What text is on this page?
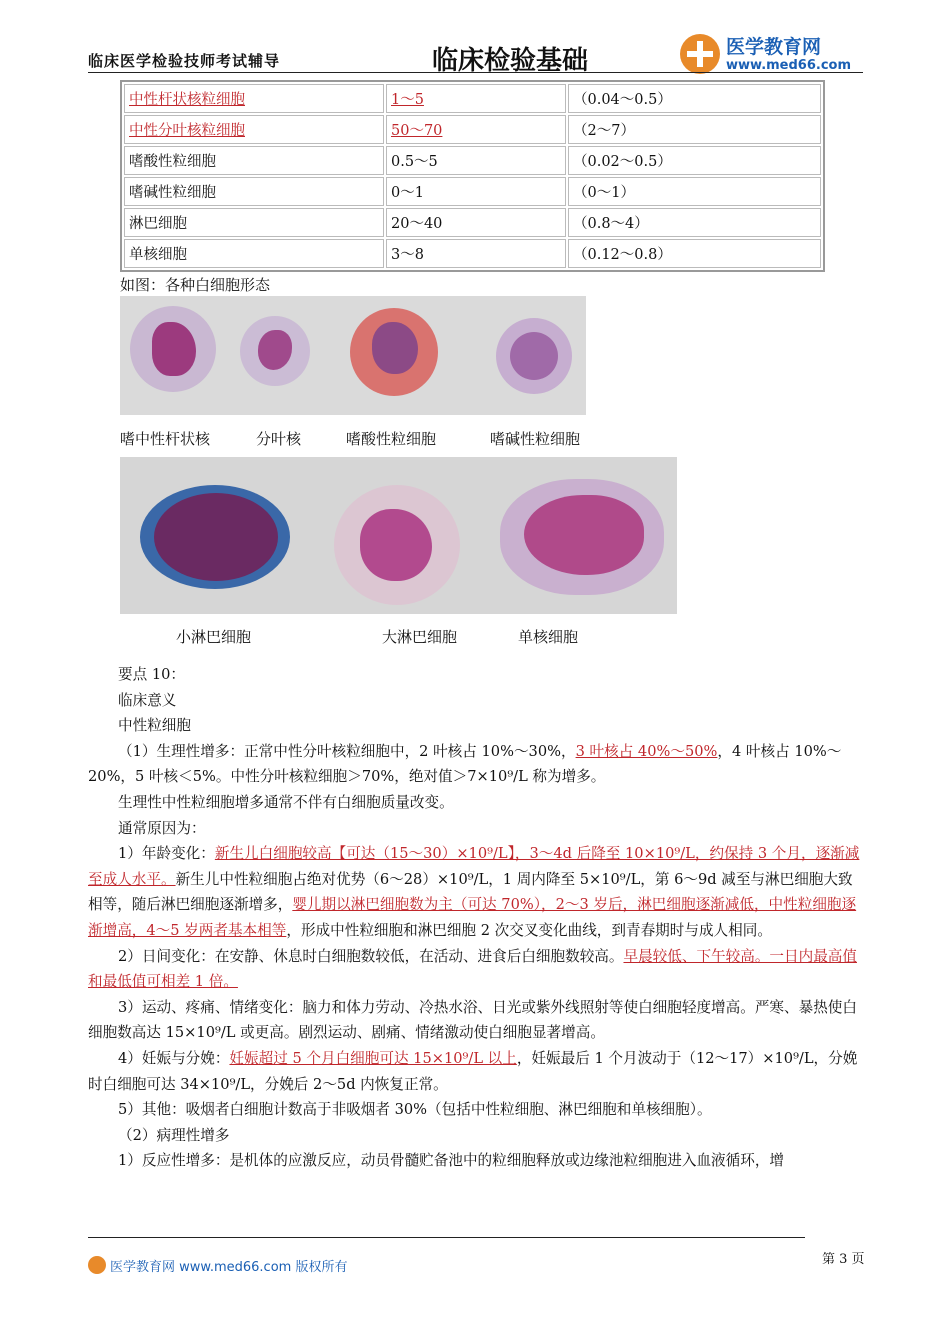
临床医学检验技师考试辅导	临床检验基础	医学教育网
www.med66.com
中性杆状核粒细胞	1～5	（0.04～0.5）
中性分叶核粒细胞	50～70	（2～7）
嗜酸性粒细胞	0.5～5	（0.02～0.5）
嗜碱性粒细胞	0～1	（0～1）
淋巴细胞	20～40	（0.8～4）
单核细胞	3～8	（0.12～0.8）
如图：各种白细胞形态
嗜中性杆状核	分叶核	嗜酸性粒细胞	嗜碱性粒细胞
小淋巴细胞	大淋巴细胞	单核细胞

要点 10：

临床意义

中性粒细胞

（1）生理性增多：正常中性分叶核粒细胞中，2 叶核占 10%～30%，3 叶核占 40%～50%，4 叶核占 10%～20%，5 叶核＜5%。中性分叶核粒细胞＞70%，绝对值＞7×10⁹/L 称为增多。

生理性中性粒细胞增多通常不伴有白细胞质量改变。

通常原因为：

1）年龄变化：新生儿白细胞较高【可达（15～30）×10⁹/L】，3～4d 后降至 10×10⁹/L，约保持 3 个月，逐渐减至成人水平。新生儿中性粒细胞占绝对优势（6～28）×10⁹/L，1 周内降至 5×10⁹/L，第 6～9d 减至与淋巴细胞大致相等，随后淋巴细胞逐渐增多，婴儿期以淋巴细胞数为主（可达 70%），2～3 岁后，淋巴细胞逐渐减低，中性粒细胞逐渐增高，4～5 岁两者基本相等，形成中性粒细胞和淋巴细胞 2 次交叉变化曲线，到青春期时与成人相同。

2）日间变化：在安静、休息时白细胞数较低，在活动、进食后白细胞数较高。早晨较低、下午较高。一日内最高值和最低值可相差 1 倍。

3）运动、疼痛、情绪变化：脑力和体力劳动、冷热水浴、日光或紫外线照射等使白细胞轻度增高。严寒、暴热使白细胞数高达 15×10⁹/L 或更高。剧烈运动、剧痛、情绪激动使白细胞显著增高。

4）妊娠与分娩：妊娠超过 5 个月白细胞可达 15×10⁹/L 以上，妊娠最后 1 个月波动于（12～17）×10⁹/L，分娩时白细胞可达 34×10⁹/L，分娩后 2～5d 内恢复正常。

5）其他：吸烟者白细胞计数高于非吸烟者 30%（包括中性粒细胞、淋巴细胞和单核细胞）。

（2）病理性增多

1）反应性增多：是机体的应激反应，动员骨髓贮备池中的粒细胞释放或边缘池粒细胞进入血液循环，增

医学教育网 www.med66.com 版权所有
第 3 页
